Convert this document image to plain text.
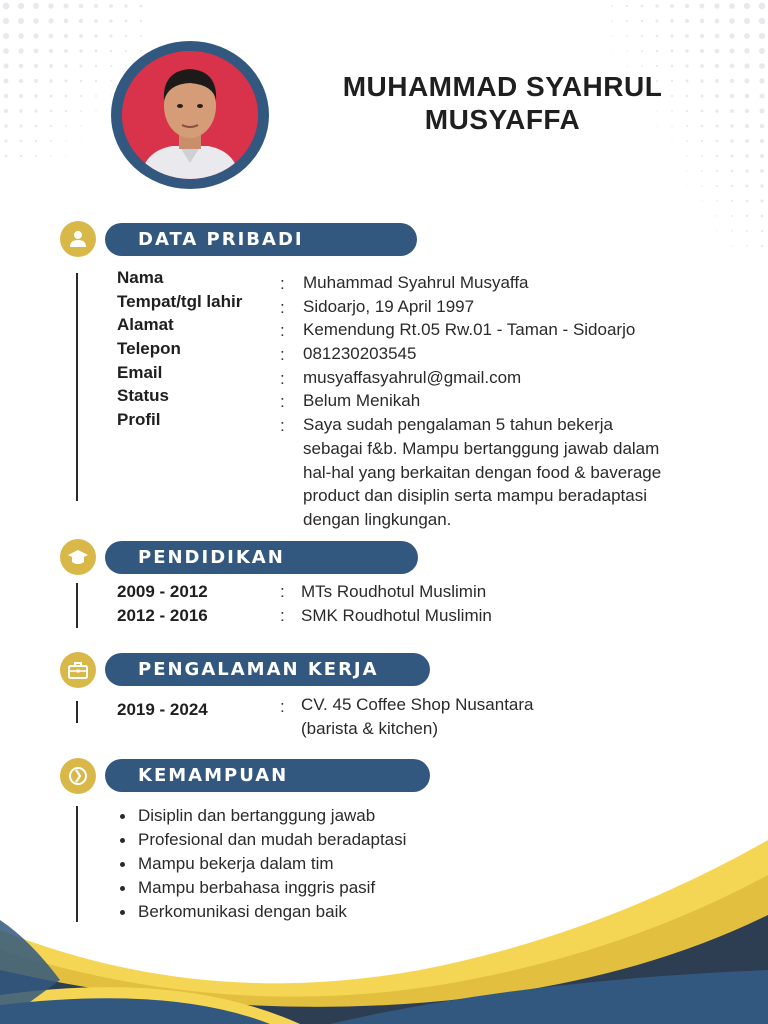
MUHAMMAD SYAHRUL
MUSYAFFA
DATA PRIBADI
Nama	: Muhammad Syahrul Musyaffa
Tempat/tgl lahir : Sidoarjo, 19 April 1997
Alamat	: Kemendung Rt.05 Rw.01 - Taman - Sidoarjo
Telepon	: 081230203545
Email	: musyaffasyahrul@gmail.com
Status	: Belum Menikah
Profil	: Saya sudah pengalaman 5 tahun bekerja
sebagai f&b. Mampu bertanggung jawab dalam
hal-hal yang berkaitan dengan food & baverage
product dan disiplin serta mampu beradaptasi
dengan lingkungan.
PENDIDIKAN
2009 - 2012	: MTs Roudhotul Muslimin
2012 - 2016	: SMK Roudhotul Muslimin
PENGALAMAN KERJA
2019 - 2024	: CV. 45 Coffee Shop Nusantara
(barista & kitchen)
KEMAMPUAN
Disiplin dan bertanggung jawab
Profesional dan mudah beradaptasi
Mampu bekerja dalam tim
Mampu berbahasa inggris pasif
Berkomunikasi dengan baik
